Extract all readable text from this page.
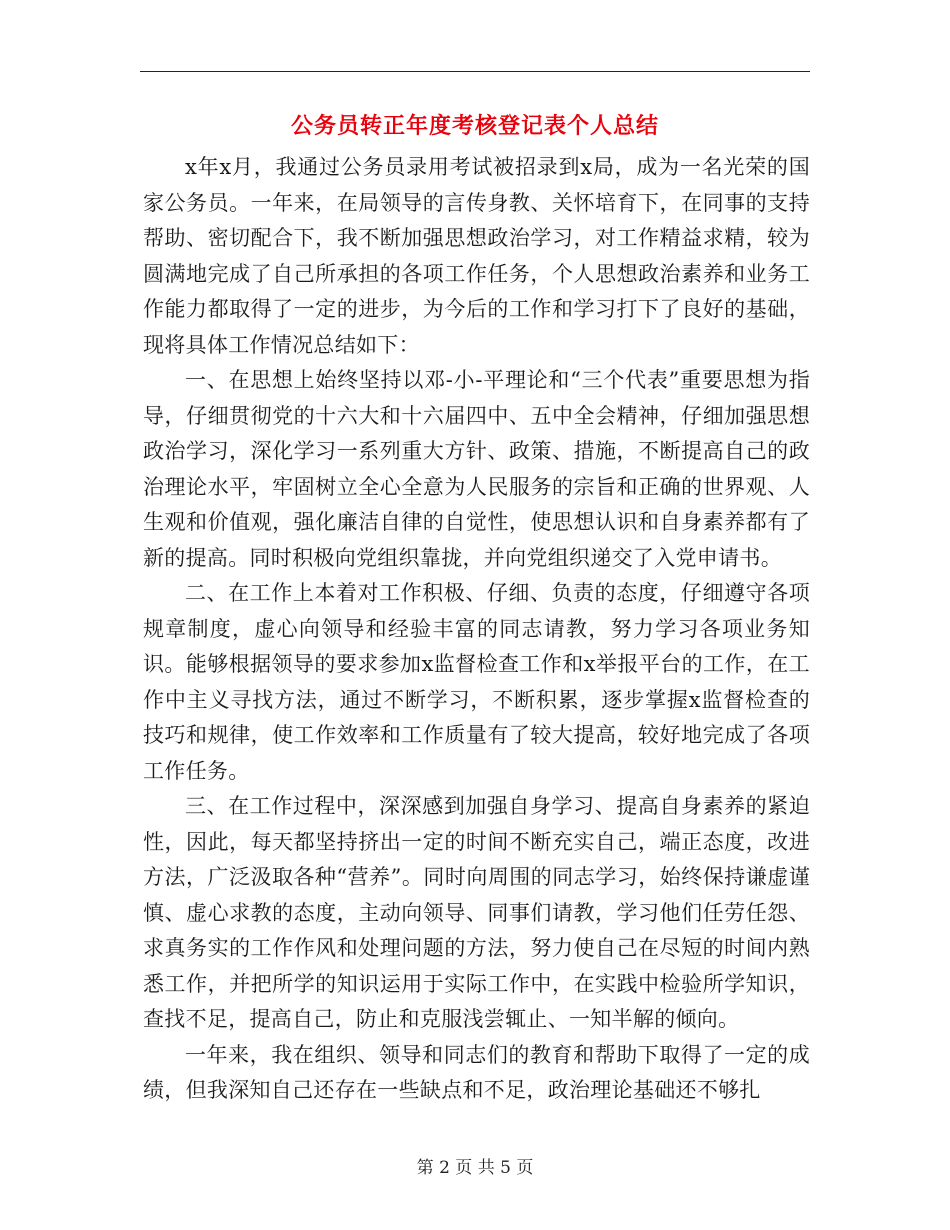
公务员转正年度考核登记表个人总结

x年x月，我通过公务员录用考试被招录到x局，成为一名光荣的国家公务员。一年来，在局领导的言传身教、关怀培育下，在同事的支持帮助、密切配合下，我不断加强思想政治学习，对工作精益求精，较为圆满地完成了自己所承担的各项工作任务，个人思想政治素养和业务工作能力都取得了一定的进步，为今后的工作和学习打下了良好的基础，现将具体工作情况总结如下：

一、在思想上始终坚持以邓-小-平理论和“三个代表”重要思想为指导，仔细贯彻党的十六大和十六届四中、五中全会精神，仔细加强思想政治学习，深化学习一系列重大方针、政策、措施，不断提高自己的政治理论水平，牢固树立全心全意为人民服务的宗旨和正确的世界观、人生观和价值观，强化廉洁自律的自觉性，使思想认识和自身素养都有了新的提高。同时积极向党组织靠拢，并向党组织递交了入党申请书。

二、在工作上本着对工作积极、仔细、负责的态度，仔细遵守各项规章制度，虚心向领导和经验丰富的同志请教，努力学习各项业务知识。能够根据领导的要求参加x监督检查工作和x举报平台的工作，在工作中主义寻找方法，通过不断学习，不断积累，逐步掌握x监督检查的技巧和规律，使工作效率和工作质量有了较大提高，较好地完成了各项工作任务。

三、在工作过程中，深深感到加强自身学习、提高自身素养的紧迫性，因此，每天都坚持挤出一定的时间不断充实自己，端正态度，改进方法，广泛汲取各种“营养”。同时向周围的同志学习，始终保持谦虚谨慎、虚心求教的态度，主动向领导、同事们请教，学习他们任劳任怨、求真务实的工作作风和处理问题的方法，努力使自己在尽短的时间内熟悉工作，并把所学的知识运用于实际工作中，在实践中检验所学知识，查找不足，提高自己，防止和克服浅尝辄止、一知半解的倾向。

一年来，我在组织、领导和同志们的教育和帮助下取得了一定的成绩，但我深知自己还存在一些缺点和不足，政治理论基础还不够扎

第 2 页 共 5 页
